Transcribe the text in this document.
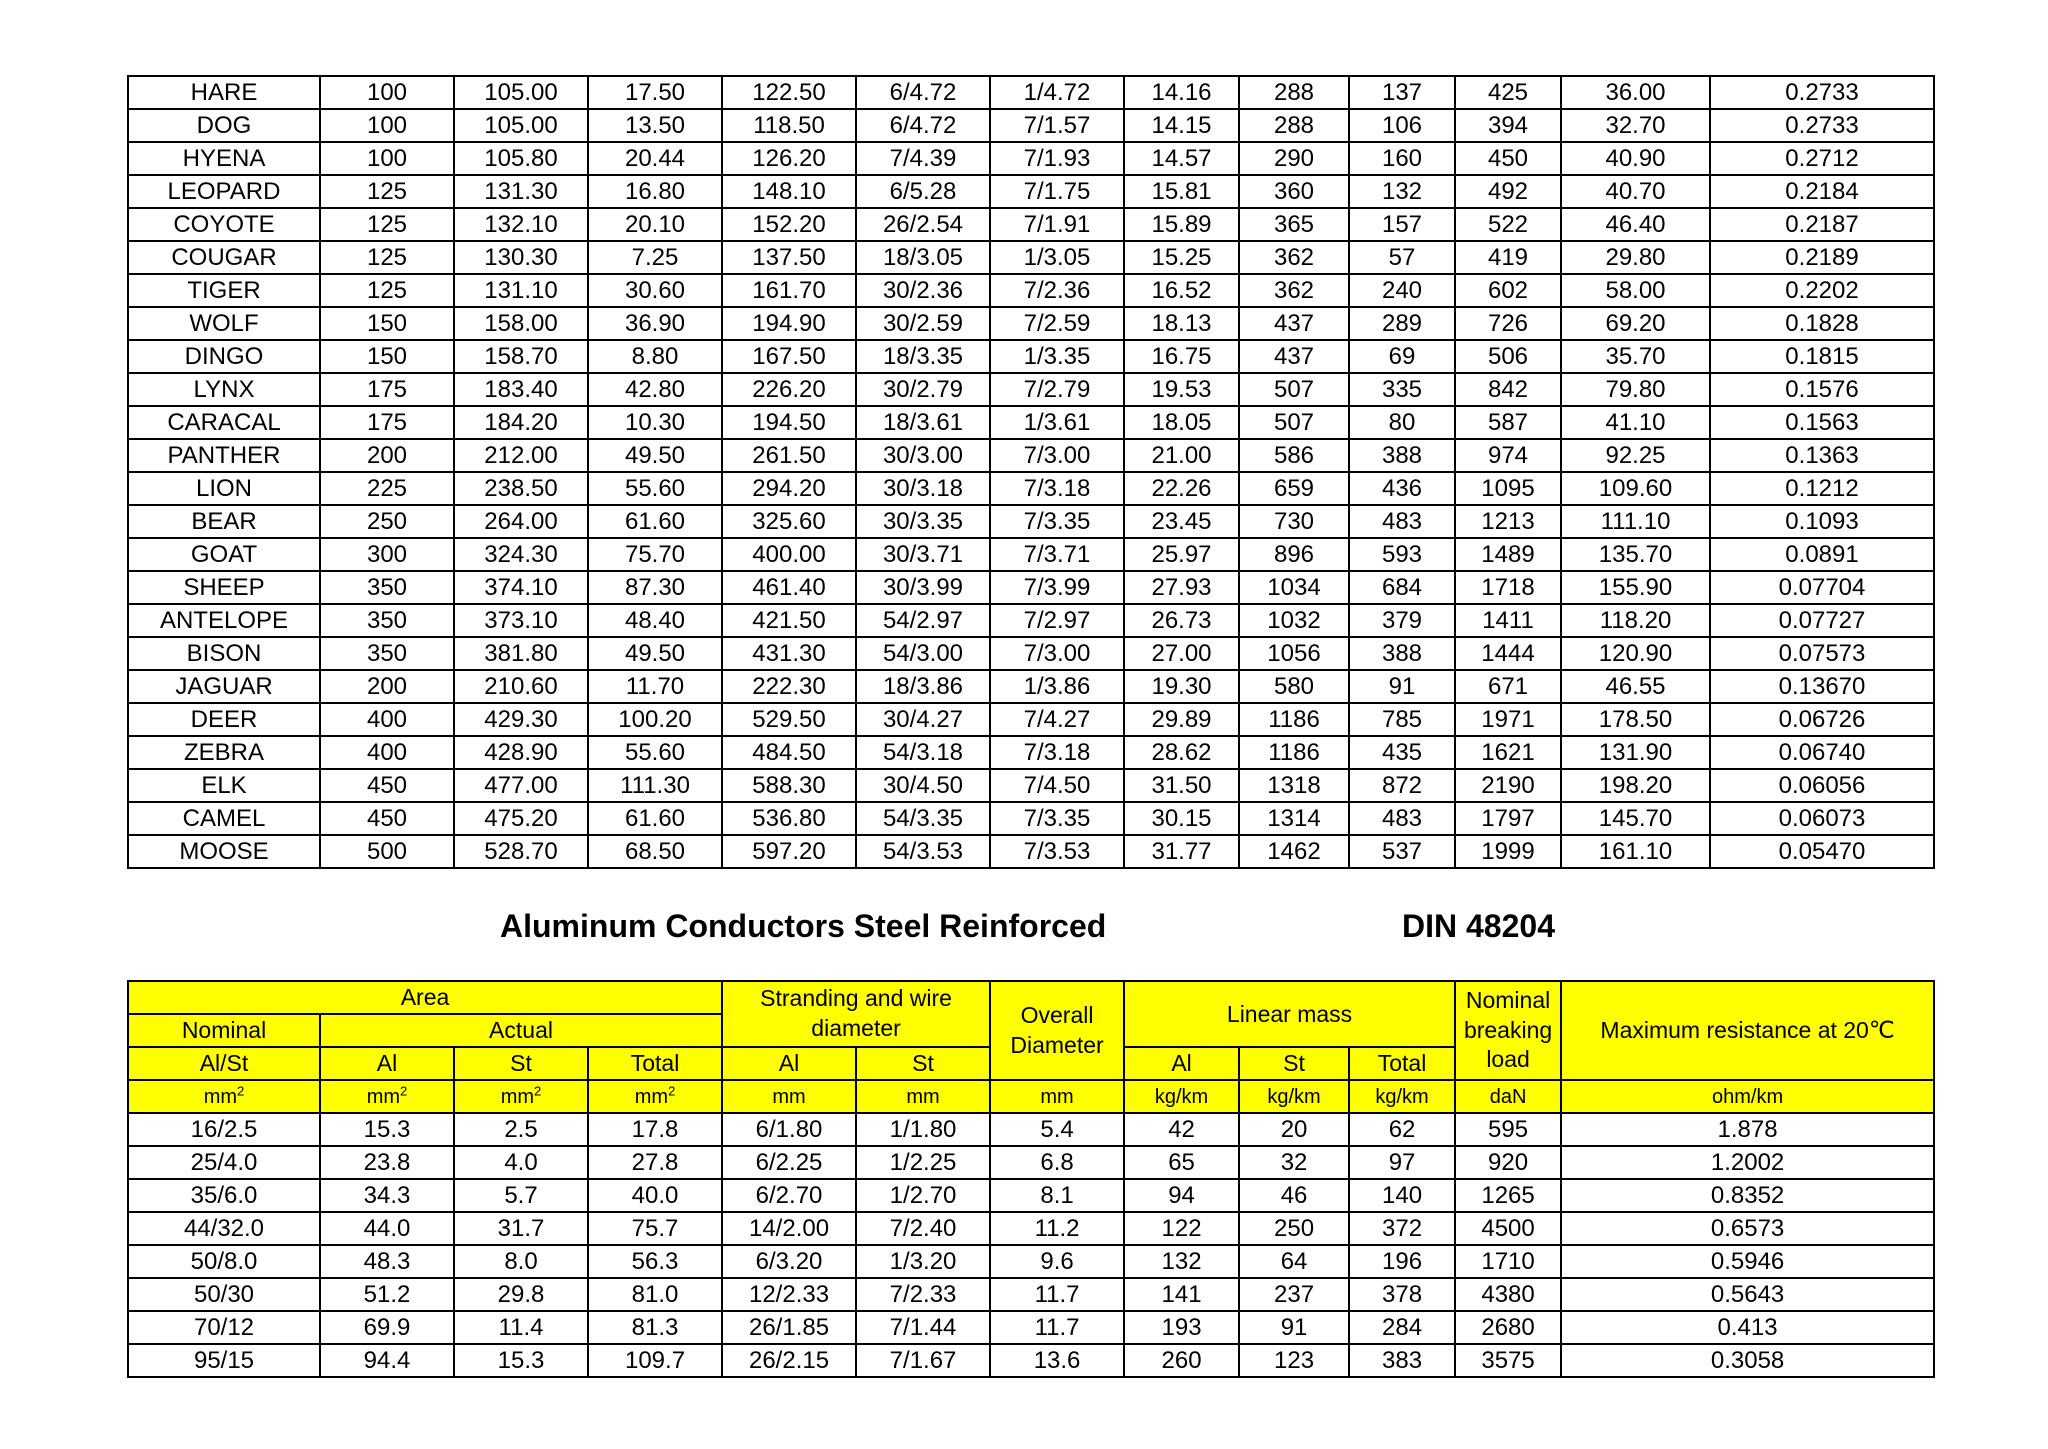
HARE	100	105.00	17.50	122.50	6/4.72	1/4.72	14.16	288	137	425	36.00	0.2733
DOG	100	105.00	13.50	118.50	6/4.72	7/1.57	14.15	288	106	394	32.70	0.2733
HYENA	100	105.80	20.44	126.20	7/4.39	7/1.93	14.57	290	160	450	40.90	0.2712
LEOPARD	125	131.30	16.80	148.10	6/5.28	7/1.75	15.81	360	132	492	40.70	0.2184
COYOTE	125	132.10	20.10	152.20	26/2.54	7/1.91	15.89	365	157	522	46.40	0.2187
COUGAR	125	130.30	7.25	137.50	18/3.05	1/3.05	15.25	362	57	419	29.80	0.2189
TIGER	125	131.10	30.60	161.70	30/2.36	7/2.36	16.52	362	240	602	58.00	0.2202
WOLF	150	158.00	36.90	194.90	30/2.59	7/2.59	18.13	437	289	726	69.20	0.1828
DINGO	150	158.70	8.80	167.50	18/3.35	1/3.35	16.75	437	69	506	35.70	0.1815
LYNX	175	183.40	42.80	226.20	30/2.79	7/2.79	19.53	507	335	842	79.80	0.1576
CARACAL	175	184.20	10.30	194.50	18/3.61	1/3.61	18.05	507	80	587	41.10	0.1563
PANTHER	200	212.00	49.50	261.50	30/3.00	7/3.00	21.00	586	388	974	92.25	0.1363
LION	225	238.50	55.60	294.20	30/3.18	7/3.18	22.26	659	436	1095	109.60	0.1212
BEAR	250	264.00	61.60	325.60	30/3.35	7/3.35	23.45	730	483	1213	111.10	0.1093
GOAT	300	324.30	75.70	400.00	30/3.71	7/3.71	25.97	896	593	1489	135.70	0.0891
SHEEP	350	374.10	87.30	461.40	30/3.99	7/3.99	27.93	1034	684	1718	155.90	0.07704
ANTELOPE	350	373.10	48.40	421.50	54/2.97	7/2.97	26.73	1032	379	1411	118.20	0.07727
BISON	350	381.80	49.50	431.30	54/3.00	7/3.00	27.00	1056	388	1444	120.90	0.07573
JAGUAR	200	210.60	11.70	222.30	18/3.86	1/3.86	19.30	580	91	671	46.55	0.13670
DEER	400	429.30	100.20	529.50	30/4.27	7/4.27	29.89	1186	785	1971	178.50	0.06726
ZEBRA	400	428.90	55.60	484.50	54/3.18	7/3.18	28.62	1186	435	1621	131.90	0.06740
ELK	450	477.00	111.30	588.30	30/4.50	7/4.50	31.50	1318	872	2190	198.20	0.06056
CAMEL	450	475.20	61.60	536.80	54/3.35	7/3.35	30.15	1314	483	1797	145.70	0.06073
MOOSE	500	528.70	68.50	597.20	54/3.53	7/3.53	31.77	1462	537	1999	161.10	0.05470
Aluminum Conductors Steel Reinforced	DIN 48204
Area				Stranding and wire diameter		Overall Diameter	Linear mass			Nominal breaking load	Maximum resistance at 20℃
Nominal	Actual										
Al/St	Al	St	Total	Al	St		Al	St	Total		
$mm^2$	$mm^2$	$mm^2$	$mm^2$	mm	mm	mm	kg/km	kg/km	kg/km	daN	ohm/km
16/2.5	15.3	2.5	17.8	6/1.80	1/1.80	5.4	42	20	62	595	1.878
25/4.0	23.8	4.0	27.8	6/2.25	1/2.25	6.8	65	32	97	920	1.2002
35/6.0	34.3	5.7	40.0	6/2.70	1/2.70	8.1	94	46	140	1265	0.8352
44/32.0	44.0	31.7	75.7	14/2.00	7/2.40	11.2	122	250	372	4500	0.6573
50/8.0	48.3	8.0	56.3	6/3.20	1/3.20	9.6	132	64	196	1710	0.5946
50/30	51.2	29.8	81.0	12/2.33	7/2.33	11.7	141	237	378	4380	0.5643
70/12	69.9	11.4	81.3	26/1.85	7/1.44	11.7	193	91	284	2680	0.413
95/15	94.4	15.3	109.7	26/2.15	7/1.67	13.6	260	123	383	3575	0.3058
